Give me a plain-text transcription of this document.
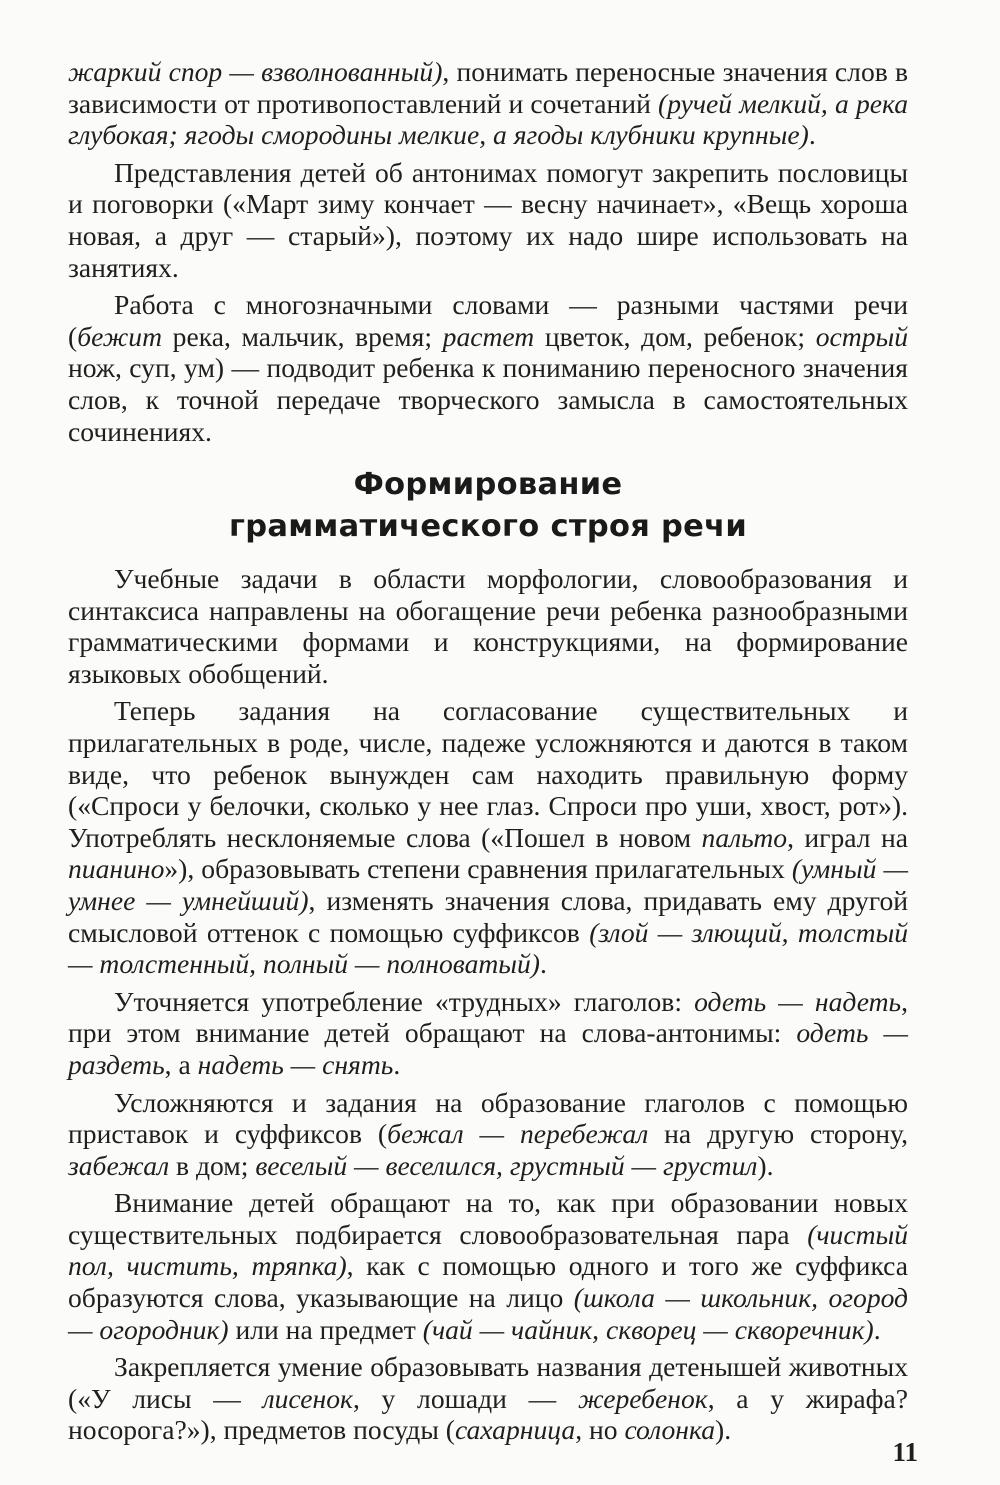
жаркий спор — взволнованный), понимать переносные значения слов в зависимости от противопоставлений и сочетаний (ручей мелкий, а река глубокая; ягоды смородины мелкие, а ягоды клубники крупные).

Представления детей об антонимах помогут закрепить пословицы и поговорки («Март зиму кончает — весну начинает», «Вещь хороша новая, а друг — старый»), поэтому их надо шире использовать на занятиях.

Работа с многозначными словами — разными частями речи (бежит река, мальчик, время; растет цветок, дом, ребенок; острый нож, суп, ум) — подводит ребенка к пониманию переносного значения слов, к точной передаче творческого замысла в самостоятельных сочинениях.

Формирование
грамматического строя речи

Учебные задачи в области морфологии, словообразования и синтаксиса направлены на обогащение речи ребенка разнообразными грамматическими формами и конструкциями, на формирование языковых обобщений.

Теперь задания на согласование существительных и прилагательных в роде, числе, падеже усложняются и даются в таком виде, что ребенок вынужден сам находить правильную форму («Спроси у белочки, сколько у нее глаз. Спроси про уши, хвост, рот»). Употреблять несклоняемые слова («Пошел в новом пальто, играл на пианино»), образовывать степени сравнения прилагательных (умный — умнее — умнейший), изменять значения слова, придавать ему другой смысловой оттенок с помощью суффиксов (злой — злющий, толстый — толстенный, полный — полноватый).

Уточняется употребление «трудных» глаголов: одеть — надеть, при этом внимание детей обращают на слова-антонимы: одеть — раздеть, а надеть — снять.

Усложняются и задания на образование глаголов с помощью приставок и суффиксов (бежал — перебежал на другую сторону, забежал в дом; веселый — веселился, грустный — грустил).

Внимание детей обращают на то, как при образовании новых существительных подбирается словообразовательная пара (чистый пол, чистить, тряпка), как с помощью одного и того же суффикса образуются слова, указывающие на лицо (школа — школьник, огород — огородник) или на предмет (чай — чайник, скворец — скворечник).

Закрепляется умение образовывать названия детенышей животных («У лисы — лисенок, у лошади — жеребенок, а у жирафа? носорога?»), предметов посуды (сахарница, но солонка).

11
